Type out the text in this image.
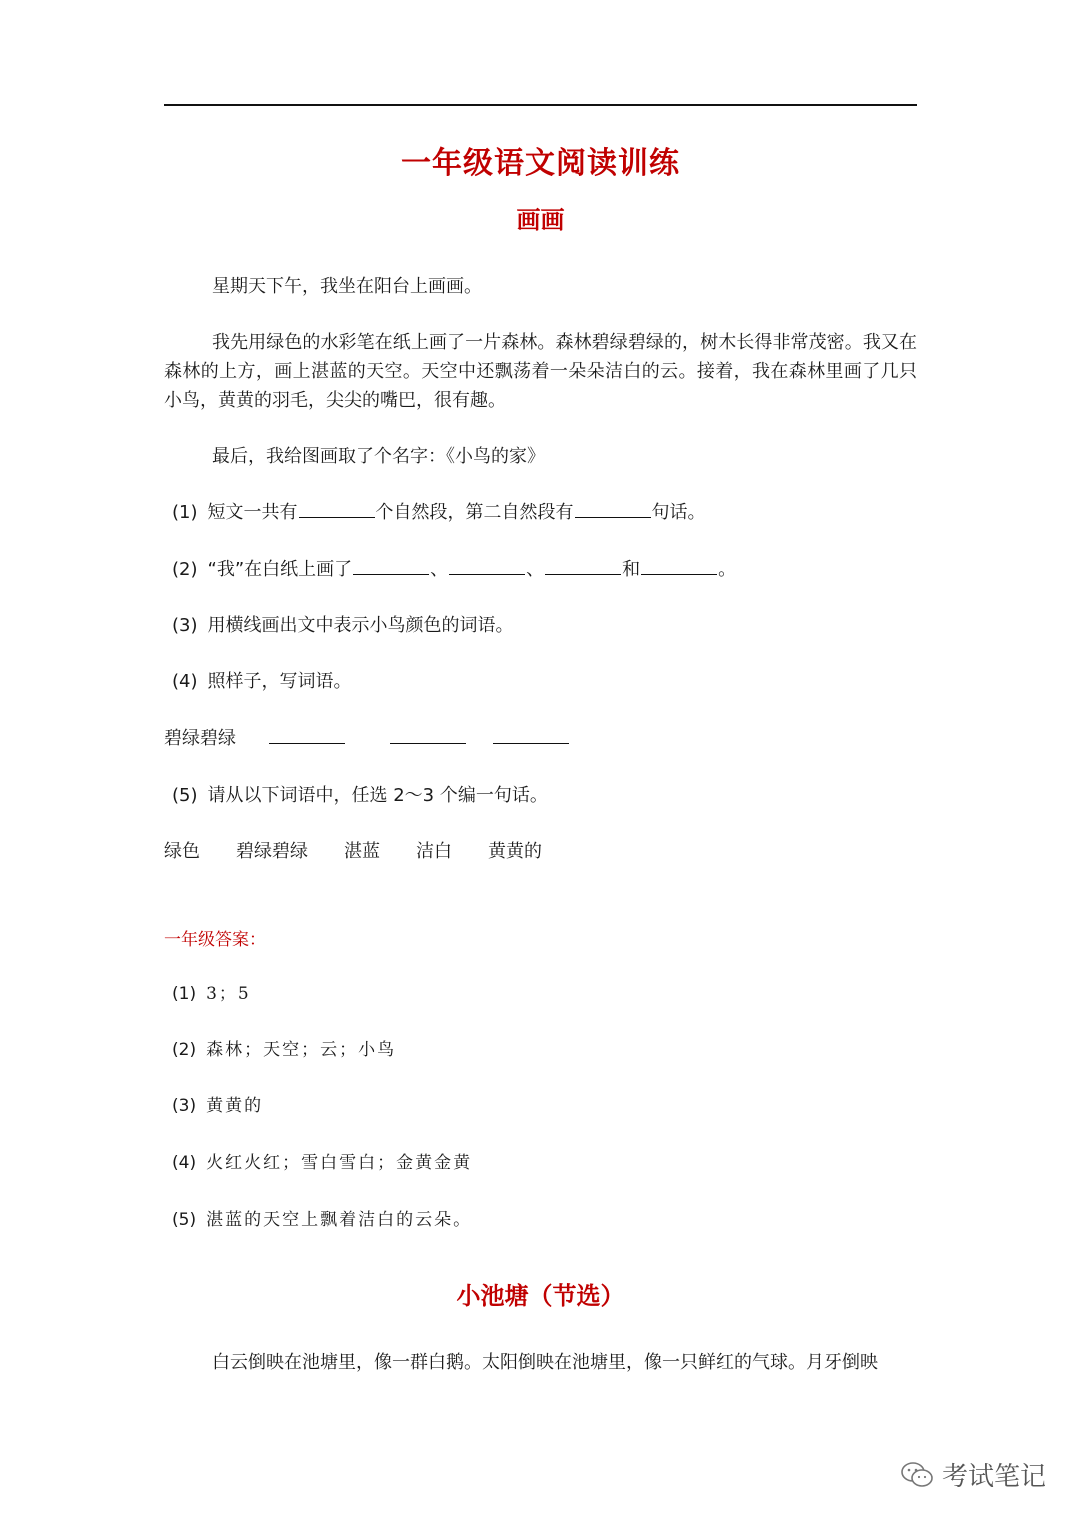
一年级语文阅读训练
画画
星期天下午，我坐在阳台上画画。
我先用绿色的水彩笔在纸上画了一片森林。森林碧绿碧绿的，树木长得非常茂密。我又在森林的上方，画上湛蓝的天空。天空中还飘荡着一朵朵洁白的云。接着，我在森林里画了几只小鸟，黄黄的羽毛，尖尖的嘴巴，很有趣。
最后，我给图画取了个名字：《小鸟的家》
(1) 短文一共有	个自然段，第二自然段有	句话。
(2) “我”在白纸上画了	、	、	和	。
(3) 用横线画出文中表示小鸟颜色的词语。
(4) 照样子，写词语。
碧绿碧绿
(5) 请从以下词语中，任选 2～3 个编一句话。
绿色 碧绿碧绿 湛蓝 洁白 黄黄的
一年级答案：
(1) 3；5
(2) 森林；天空；云；小鸟
(3) 黄黄的
(4) 火红火红；雪白雪白；金黄金黄
(5) 湛蓝的天空上飘着洁白的云朵。
小池塘（节选）
白云倒映在池塘里，像一群白鹅。太阳倒映在池塘里，像一只鲜红的气球。月牙倒映
考试笔记
